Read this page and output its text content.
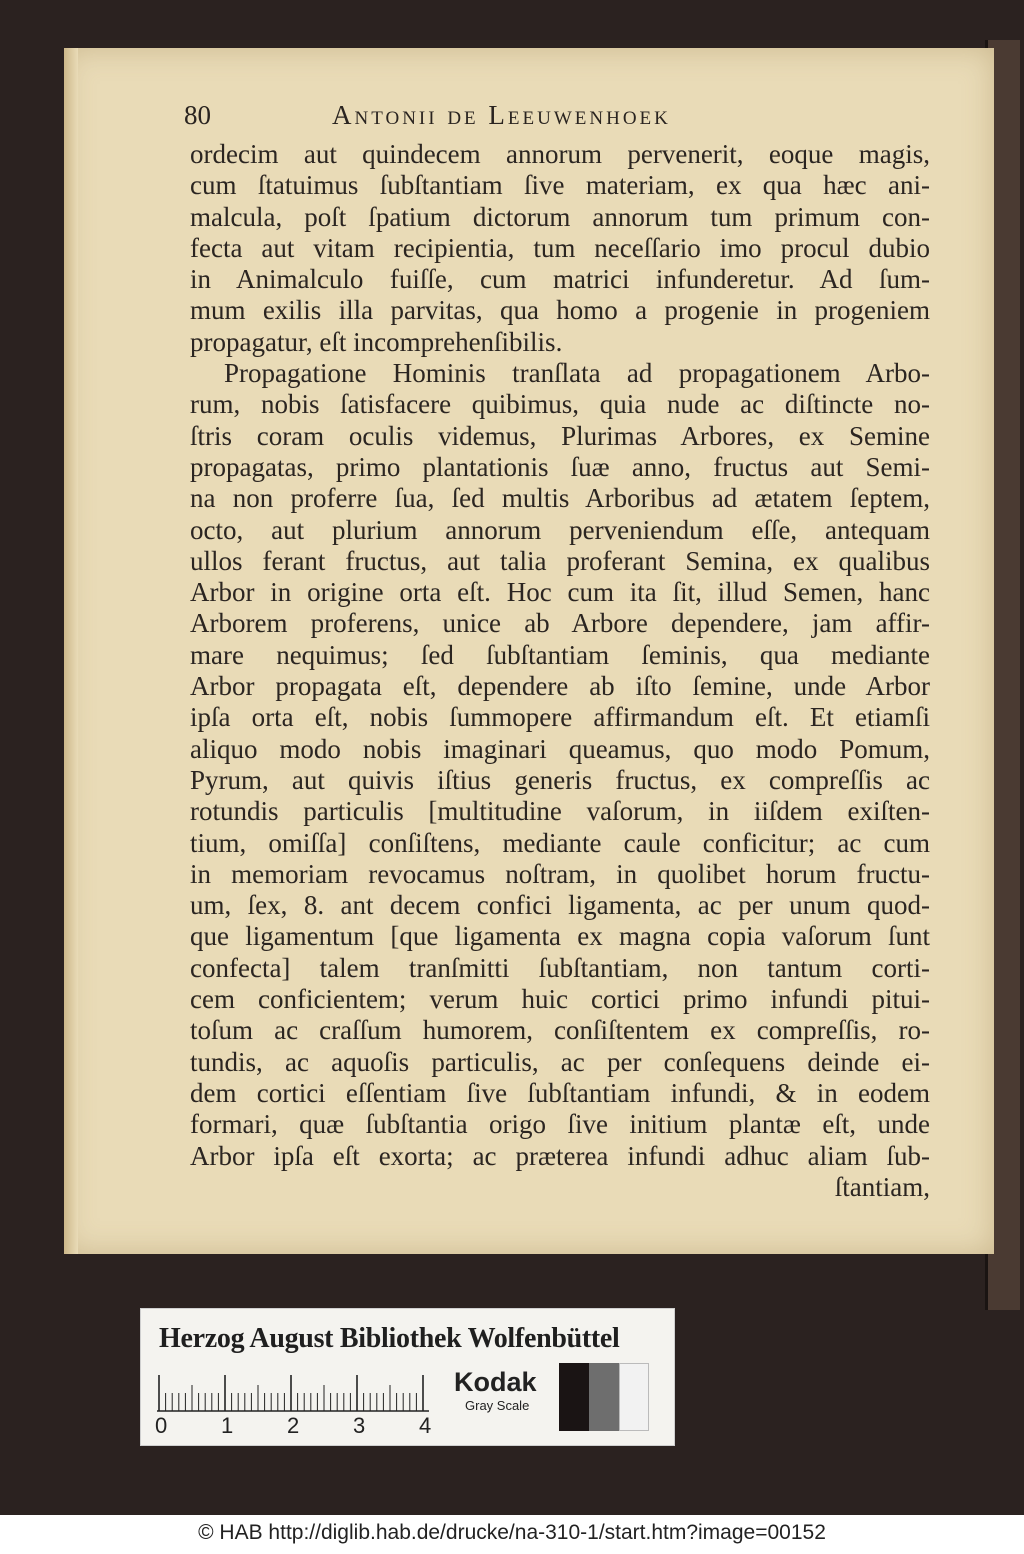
80	Antonii de Leeuwenhoek
ordecim aut quindecem annorum pervenerit, eoque magis,
cum ſtatuimus ſubſtantiam ſive materiam, ex qua hæc ani-
malcula, poſt ſpatium dictorum annorum tum primum con-
fecta aut vitam recipientia, tum neceſſario imo procul dubio
in Animalculo fuiſſe, cum matrici infunderetur. Ad ſum-
mum exilis illa parvitas, qua homo a progenie in progeniem
propagatur, eſt incomprehenſibilis.
Propagatione Hominis tranſlata ad propagationem Arbo-
rum, nobis ſatisfacere quibimus, quia nude ac diſtincte no-
ſtris coram oculis videmus, Plurimas Arbores, ex Semine
propagatas, primo plantationis ſuæ anno, fructus aut Semi-
na non proferre ſua, ſed multis Arboribus ad ætatem ſeptem,
octo, aut plurium annorum perveniendum eſſe, antequam
ullos ferant fructus, aut talia proferant Semina, ex qualibus
Arbor in origine orta eſt. Hoc cum ita ſit, illud Semen, hanc
Arborem proferens, unice ab Arbore dependere, jam affir-
mare nequimus; ſed ſubſtantiam ſeminis, qua mediante
Arbor propagata eſt, dependere ab iſto ſemine, unde Arbor
ipſa orta eſt, nobis ſummopere affirmandum eſt. Et etiamſi
aliquo modo nobis imaginari queamus, quo modo Pomum,
Pyrum, aut quivis iſtius generis fructus, ex compreſſis ac
rotundis particulis [multitudine vaſorum, in iiſdem exiſten-
tium, omiſſa] conſiſtens, mediante caule conficitur; ac cum
in memoriam revocamus noſtram, in quolibet horum fructu-
um, ſex, 8. ant decem confici ligamenta, ac per unum quod-
que ligamentum [que ligamenta ex magna copia vaſorum ſunt
confecta] talem tranſmitti ſubſtantiam, non tantum corti-
cem conficientem; verum huic cortici primo infundi pitui-
toſum ac craſſum humorem, conſiſtentem ex compreſſis, ro-
tundis, ac aquoſis particulis, ac per conſequens deinde ei-
dem cortici eſſentiam ſive ſubſtantiam infundi, & in eodem
formari, quæ ſubſtantia origo ſive initium plantæ eſt, unde
Arbor ipſa eſt exorta; ac præterea infundi adhuc aliam ſub-
ſtantiam,
Herzog August Bibliothek Wolfenbüttel
0 1 2 3 4
Kodak
Gray Scale
© HAB http://diglib.hab.de/drucke/na-310-1/start.htm?image=00152
